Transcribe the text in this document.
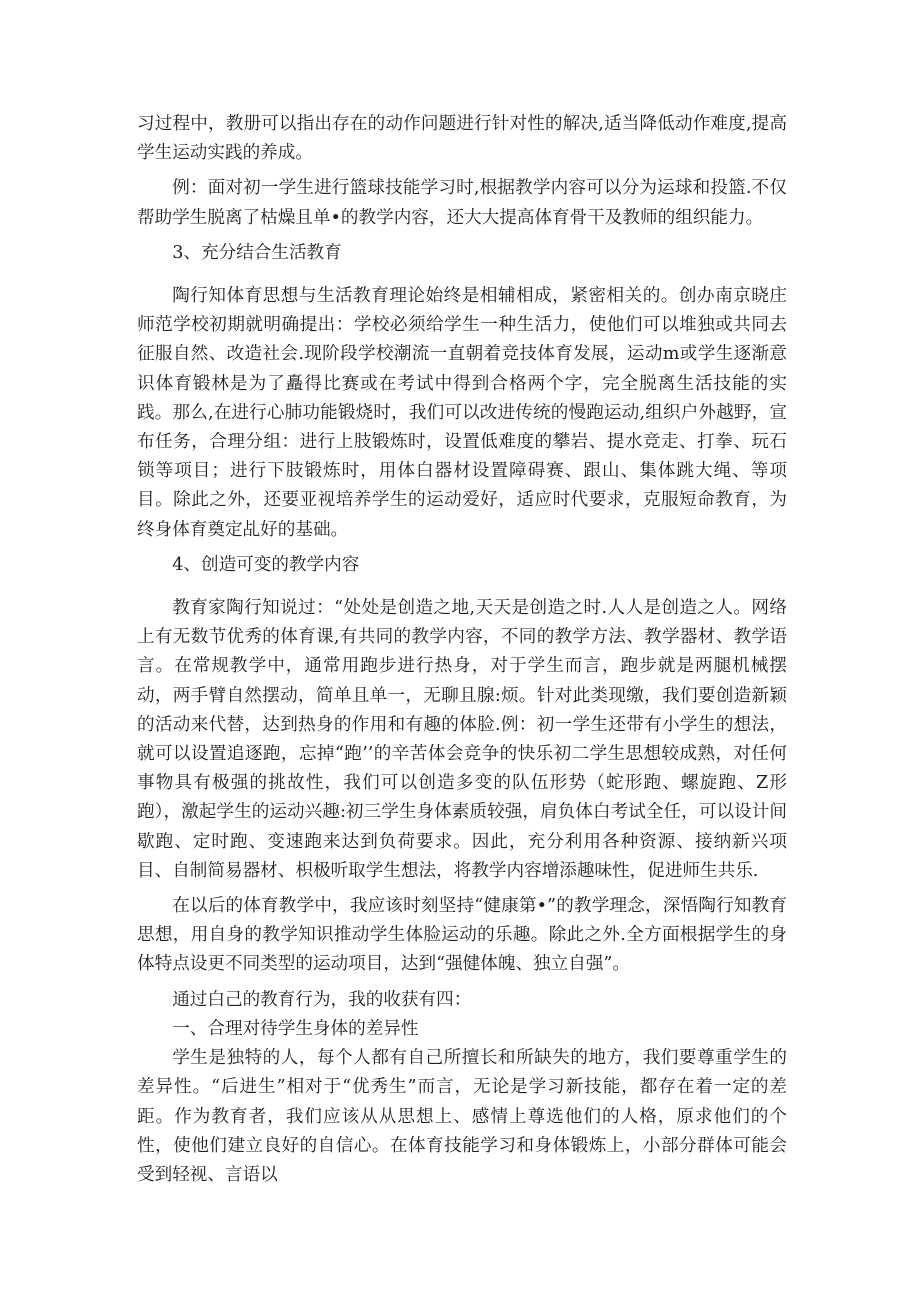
习过程中，教册可以指出存在的动作问题进行针对性的解决,适当降低动作难度,提高学生运动实践的养成。

例：面对初一学生进行篮球技能学习时,根据教学内容可以分为运球和投篮.不仅帮助学生脱离了枯燥且单•的教学内容，还大大提高体育骨干及教师的组织能力。

3、充分结合生活教育

陶行知体育思想与生活教育理论始终是相辅相成，紧密相关的。创办南京晓庄师范学校初期就明确提出：学校必须给学生一种生活力，使他们可以堆独或共同去征服自然、改造社会.现阶段学校潮流一直朝着竞技体育发展，运动m或学生逐渐意识体育锻林是为了矗得比赛或在考试中得到合格两个字，完全脱离生活技能的实践。那么,在进行心肺功能锻烧时，我们可以改进传统的慢跑运动,组织户外越野，宣布任务，合理分组：进行上肢锻炼时，设置低难度的攀岩、提水竞走、打拳、玩石锁等项目；进行下肢锻炼时，用体白器材设置障碍赛、跟山、集体跳大绳、等项目。除此之外，还要亚视培养学生的运动爱好，适应时代要求，克服短命教育，为终身体育奠定乩好的基础。

4、创造可变的教学内容

教育家陶行知说过：“处处是创造之地,天天是创造之时.人人是创造之人。网络上有无数节优秀的体育课,有共同的教学内容，不同的教学方法、教学器材、教学语言。在常规教学中，通常用跑步进行热身，对于学生而言，跑步就是两腿机械摆动，两手臂自然摆动，简单且单一，无聊且腺:烦。针对此类现缴，我们要创造新颖的活动来代替，达到热身的作用和有趣的体脸.例：初一学生还带有小学生的想法，就可以设置追逐跑，忘掉“跑’’的辛苦体会竞争的快乐初二学生思想较成熟，对任何事物具有极强的挑故性，我们可以创造多变的队伍形势（蛇形跑、螺旋跑、Z形跑），激起学生的运动兴趣:初三学生身体素质较强，肩负体白考试全任，可以设计间歇跑、定时跑、变速跑来达到负荷要求。因此，充分利用各种资源、接纳新兴项目、自制简易器材、枳极听取学生想法，将教学内容增添趣味性，促进师生共乐.

在以后的体育教学中，我应该时刻坚持“健康第•”的教学理念，深悟陶行知教育思想，用自身的教学知识推动学生体脸运动的乐趣。除此之外.全方面根据学生的身体特点设更不同类型的运动项目，达到“强健体魄、独立自强”。

通过白己的教育行为，我的收获有四：

一、合理对待学生身体的差异性

学生是独特的人，每个人都有自己所擅长和所缺失的地方，我们要尊重学生的差异性。“后进生”相对于“优秀生”而言，无论是学习新技能，都存在着一定的差距。作为教育者，我们应该从从思想上、感情上尊选他们的人格，原求他们的个性，使他们建立良好的自信心。在体育技能学习和身体锻炼上，小部分群体可能会受到轻视、言语以
